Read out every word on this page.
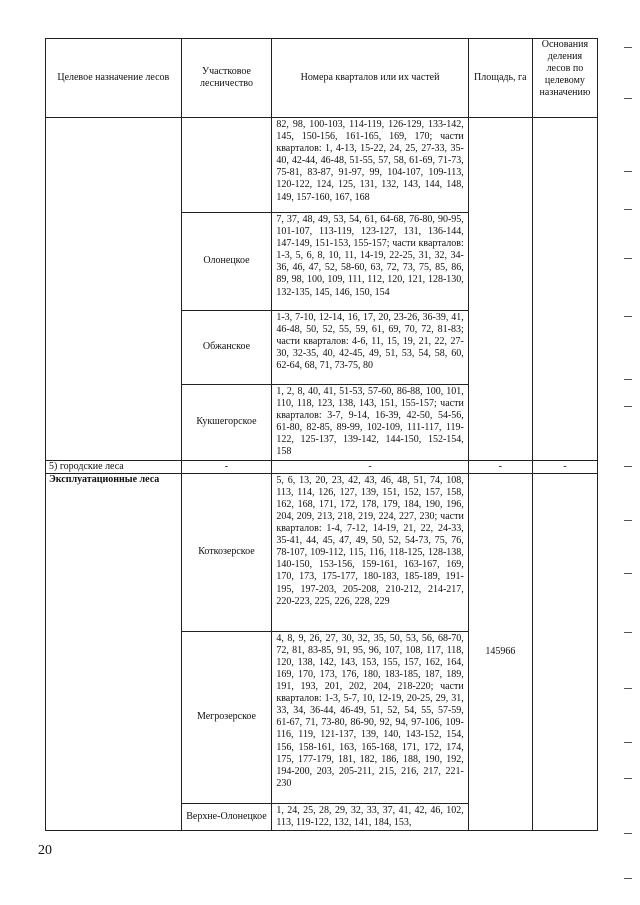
Целевое назначение лесов	Участковое лесничество	Номера кварталов или их частей	Площадь, га	Основания деления лесов по целевому назначению
		82, 98, 100-103, 114-119, 126-129, 133-142, 145, 150-156, 161-165, 169, 170; части кварталов: 1, 4-13, 15-22, 24, 25, 27-33, 35-40, 42-44, 46-48, 51-55, 57, 58, 61-69, 71-73, 75-81, 83-87, 91-97, 99, 104-107, 109-113, 120-122, 124, 125, 131, 132, 143, 144, 148, 149, 157-160, 167, 168		
	Олонецкое	7, 37, 48, 49, 53, 54, 61, 64-68, 76-80, 90-95, 101-107, 113-119, 123-127, 131, 136-144, 147-149, 151-153, 155-157; части кварталов: 1-3, 5, 6, 8, 10, 11, 14-19, 22-25, 31, 32, 34-36, 46, 47, 52, 58-60, 63, 72, 73, 75, 85, 86, 89, 98, 100, 109, 111, 112, 120, 121, 128-130, 132-135, 145, 146, 150, 154		
	Обжанское	1-3, 7-10, 12-14, 16, 17, 20, 23-26, 36-39, 41, 46-48, 50, 52, 55, 59, 61, 69, 70, 72, 81-83; части кварталов: 4-6, 11, 15, 19, 21, 22, 27-30, 32-35, 40, 42-45, 49, 51, 53, 54, 58, 60, 62-64, 68, 71, 73-75, 80		
	Кукшегорское	1, 2, 8, 40, 41, 51-53, 57-60, 86-88, 100, 101, 110, 118, 123, 138, 143, 151, 155-157; части кварталов: 3-7, 9-14, 16-39, 42-50, 54-56, 61-80, 82-85, 89-99, 102-109, 111-117, 119-122, 125-137, 139-142, 144-150, 152-154, 158		
5) городские леса	-	-	-	-
Эксплуатационные леса	Коткозерское	5, 6, 13, 20, 23, 42, 43, 46, 48, 51, 74, 108, 113, 114, 126, 127, 139, 151, 152, 157, 158, 162, 168, 171, 172, 178, 179, 184, 190, 196, 204, 209, 213, 218, 219, 224, 227, 230; части кварталов: 1-4, 7-12, 14-19, 21, 22, 24-33, 35-41, 44, 45, 47, 49, 50, 52, 54-73, 75, 76, 78-107, 109-112, 115, 116, 118-125, 128-138, 140-150, 153-156, 159-161, 163-167, 169, 170, 173, 175-177, 180-183, 185-189, 191-195, 197-203, 205-208, 210-212, 214-217, 220-223, 225, 226, 228, 229	145966	
	Мегрозерское	4, 8, 9, 26, 27, 30, 32, 35, 50, 53, 56, 68-70, 72, 81, 83-85, 91, 95, 96, 107, 108, 117, 118, 120, 138, 142, 143, 153, 155, 157, 162, 164, 169, 170, 173, 176, 180, 183-185, 187, 189, 191, 193, 201, 202, 204, 218-220; части кварталов: 1-3, 5-7, 10, 12-19, 20-25, 29, 31, 33, 34, 36-44, 46-49, 51, 52, 54, 55, 57-59, 61-67, 71, 73-80, 86-90, 92, 94, 97-106, 109-116, 119, 121-137, 139, 140, 143-152, 154, 156, 158-161, 163, 165-168, 171, 172, 174, 175, 177-179, 181, 182, 186, 188, 190, 192, 194-200, 203, 205-211, 215, 216, 217, 221-230		
	Верхне-Олонецкое	1, 24, 25, 28, 29, 32, 33, 37, 41, 42, 46, 102, 113, 119-122, 132, 141, 184, 153,		
20
